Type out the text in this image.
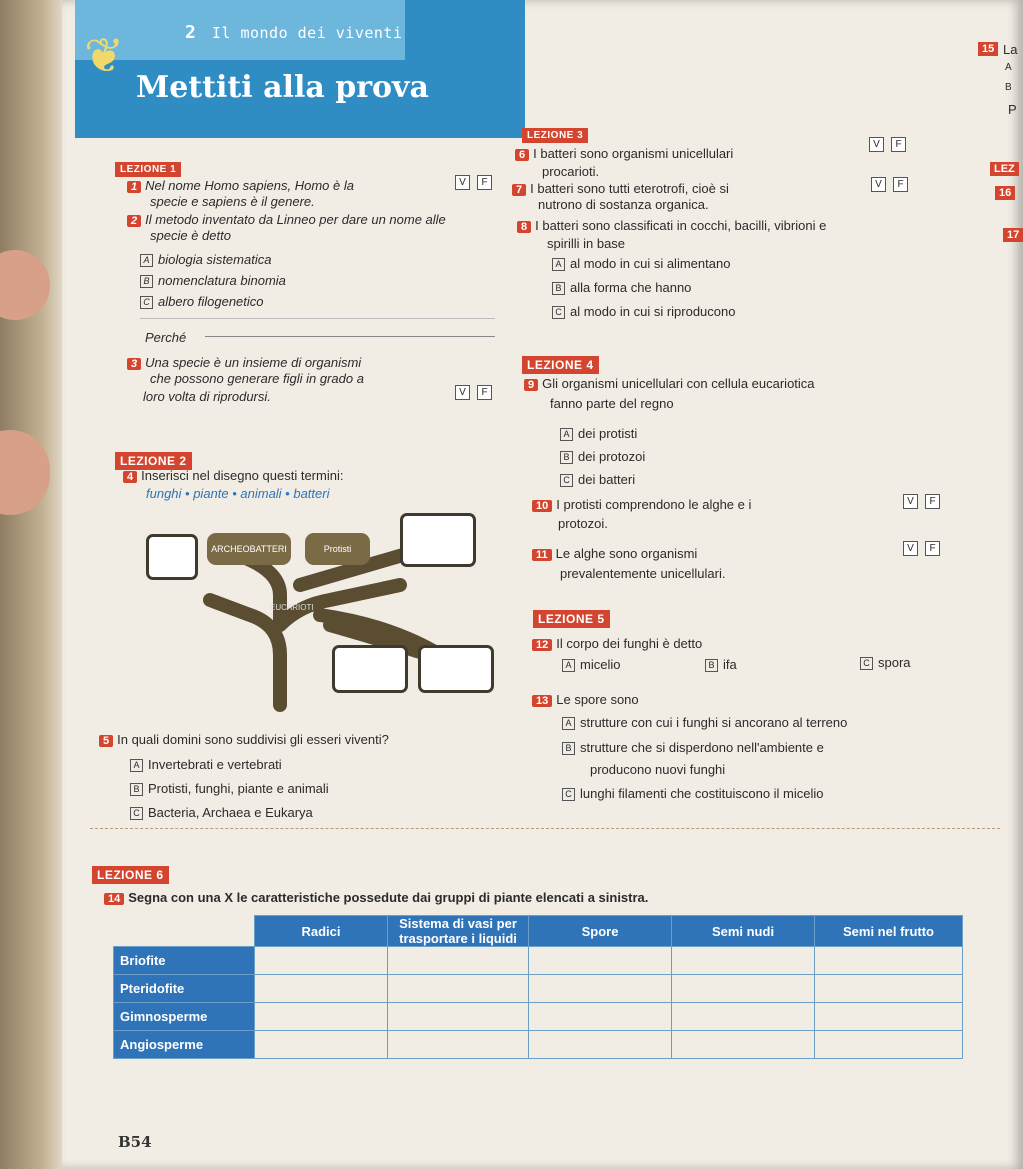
❦	2 Il mondo dei viventi
Mettiti alla prova
15 La
A
B
P
LEZ
16
17
LEZIONE 1
1 Nel nome Homo sapiens, Homo è la
specie e sapiens è il genere.
V F
2 Il metodo inventato da Linneo per dare un nome alle
specie è detto
A biologia sistematica
B nomenclatura binomia
C albero filogenetico
Perché
3 Una specie è un insieme di organismi
che possono generare figli in grado a
loro volta di riprodursi.	V F
LEZIONE 2
4 Inserisci nel disegno questi termini:
funghi • piante • animali • batteri
ARCHEOBATTERI	Protisti
EUCARIOTI
5 In quali domini sono suddivisi gli esseri viventi?
A Invertebrati e vertebrati
B Protisti, funghi, piante e animali
C Bacteria, Archaea e Eukarya
LEZIONE 3
6 I batteri sono organismi unicellulari
procarioti.
V F
7 I batteri sono tutti eterotrofi, cioè si
nutrono di sostanza organica.
V F
8 I batteri sono classificati in cocchi, bacilli, vibrioni e
spirilli in base
A al modo in cui si alimentano
B alla forma che hanno
C al modo in cui si riproducono
LEZIONE 4
9 Gli organismi unicellulari con cellula eucariotica
fanno parte del regno
A dei protisti
B dei protozoi
C dei batteri
10 I protisti comprendono le alghe e i
protozoi.
V F
11 Le alghe sono organismi
prevalentemente unicellulari.
V F
LEZIONE 5
12 Il corpo dei funghi è detto
A micelio	B ifa	C spora
13 Le spore sono
A strutture con cui i funghi si ancorano al terreno
B strutture che si disperdono nell'ambiente e
producono nuovi funghi
C lunghi filamenti che costituiscono il micelio
LEZIONE 6
14 Segna con una X le caratteristiche possedute dai gruppi di piante elencati a sinistra.
	Radici	Sistema di vasi per trasportare i liquidi	Spore	Semi nudi	Semi nel frutto
Briofite					
Pteridofite					
Gimnosperme					
Angiosperme					
B54
